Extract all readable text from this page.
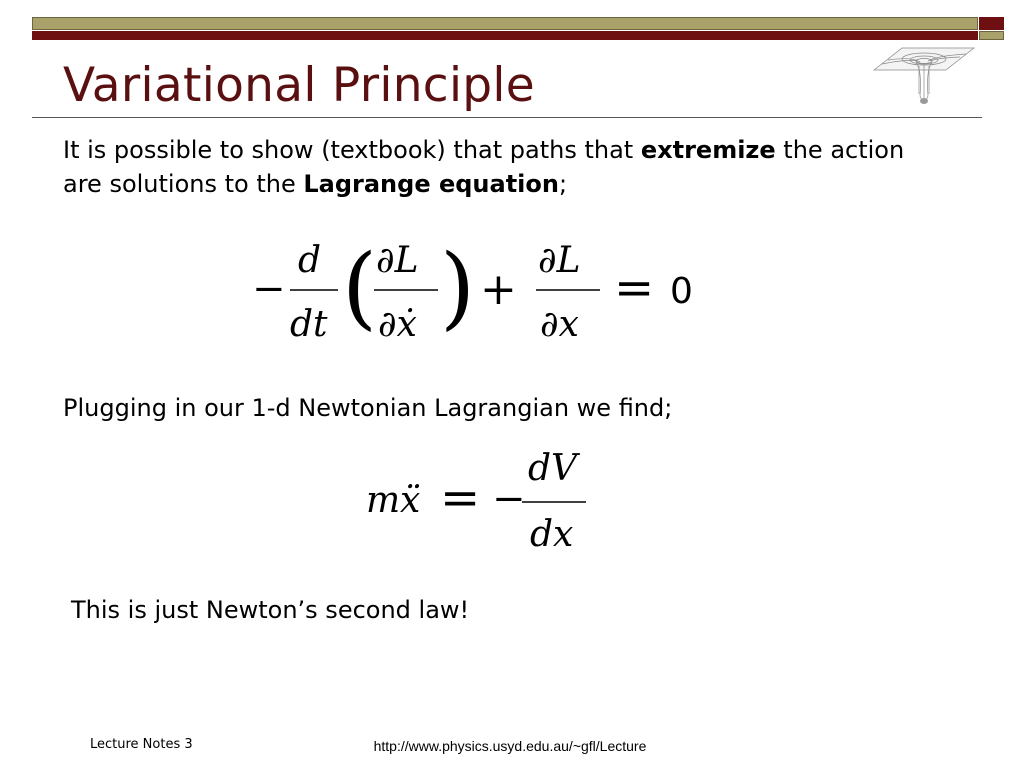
Variational Principle
It is possible to show (textbook) that paths that extremize the action are solutions to the Lagrange equation;
−
d
dt (
∂L
∂ẋ ) +
∂L
∂x
= 0
Plugging in our 1-d Newtonian Lagrangian we find;
m ẍ = −
dV
dx
This is just Newton’s second law!
Lecture Notes 3	http://www.physics.usyd.edu.au/~gfl/Lecture
